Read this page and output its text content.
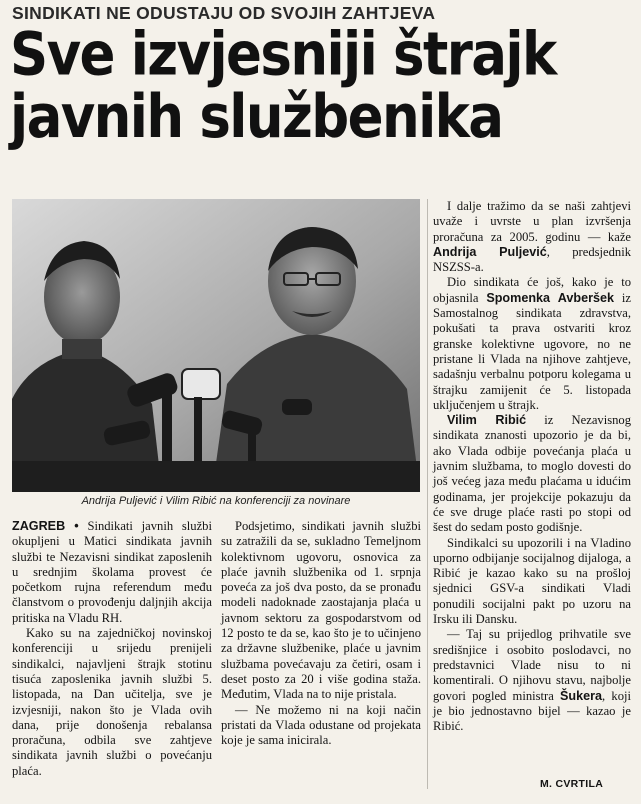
SINDIKATI NE ODUSTAJU OD SVOJIH ZAHTJEVA
Sve izvjesniji štrajk
javnih službenika
Andrija Puljević i Vilim Ribić na konferenciji za novinare

ZAGREB • Sindikati javnih službi okupljeni u Matici sindikata javnih službi te Nezavisni sindikat zaposlenih u srednjim školama provest će početkom rujna referendum među članstvom o provođenju daljnjih akcija pritiska na Vladu RH.

Kako su na zajedničkoj novinskoj konferenciji u srijedu prenijeli sindikalci, najavljeni štrajk stotinu tisuća zaposlenika javnih službi 5. listopada, na Dan učitelja, sve je izvjesniji, nakon što je Vlada ovih dana, prije donošenja rebalansa proračuna, odbila sve zahtjeve sindikata javnih službi o povećanju plaća.

Podsjetimo, sindikati javnih službi su zatražili da se, sukladno Temeljnom kolektivnom ugovoru, osnovica za plaće javnih službenika od 1. srpnja poveća za još dva posto, da se pronađu modeli nadoknade zaostajanja plaća u javnom sektoru za gospodarstvom od 12 posto te da se, kao što je to učinjeno za državne službenike, plaće u javnim službama povećavaju za četiri, osam i deset posto za 20 i više godina staža. Međutim, Vlada na to nije pristala.

— Ne možemo ni na koji način pristati da Vlada odustane od projekata koje je sama inicirala.

I dalje tražimo da se naši zahtjevi uvaže i uvrste u plan izvršenja proračuna za 2005. godinu — kaže Andrija Puljević, predsjednik NSZSS-a.

Dio sindikata će još, kako je to objasnila Spomenka Avberšek iz Samostalnog sindikata zdravstva, pokušati ta prava ostvariti kroz granske kolektivne ugovore, no ne pristane li Vlada na njihove zahtjeve, sadašnju verbalnu potporu kolegama u štrajku zamijenit će 5. listopada uključenjem u štrajk.

Vilim Ribić iz Nezavisnog sindikata znanosti upozorio je da bi, ako Vlada odbije povećanja plaća u javnim službama, to moglo dovesti do još većeg jaza među plaćama u idućim godinama, jer projekcije pokazuju da će sve druge plaće rasti po stopi od šest do sedam posto godišnje.

Sindikalci su upozorili i na Vladino uporno odbijanje socijalnog dijaloga, a Ribić je kazao kako su na prošloj sjednici GSV-a sindikati Vladi ponudili socijalni pakt po uzoru na Irsku ili Dansku.

— Taj su prijedlog prihvatile sve središnjice i osobito poslodavci, no predstavnici Vlade nisu to ni komentirali. O njihovu stavu, najbolje govori pogled ministra Šukera, koji je bio jednostavno bijel — kazao je Ribić.

M. CVRTILA
